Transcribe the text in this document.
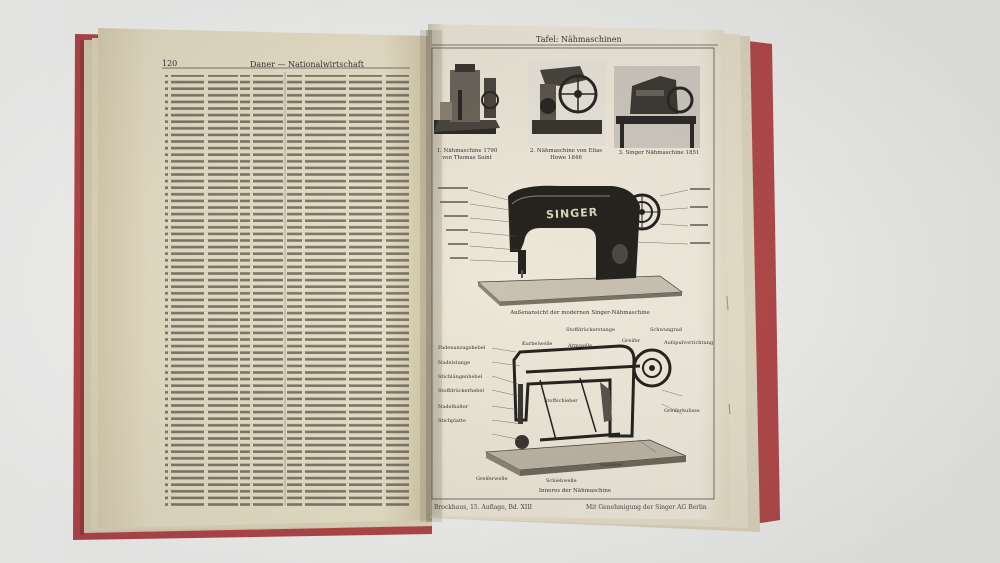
120	Daner — Nationalwirtschaft
Tafel: Nähmaschinen
1. Nähmaschine 1790 von Thomas Saint
2. Nähmaschine von Elias Howe 1846
3. Singer Nähmaschine 1851
SINGER
Außenansicht der modernen Singer-Nähmaschine
Fadenanzugshebel
Stoffdrückerstange	Schwungrad
Aufspulvorrichtung
Armwelle
Kurbelwelle	Greifer
Nadelstange
Stichlängenhebel
Stoffdrückerhebel
Nadelhalter
Stoffschieber
Stichplatte
Greiferwelle	Schiebwelle
Exzenter
Greiferkulisse
Inneres der Nähmaschine
Brockhaus, 15. Auflage, Bd. XIII	Mit Genehmigung der Singer AG Berlin
